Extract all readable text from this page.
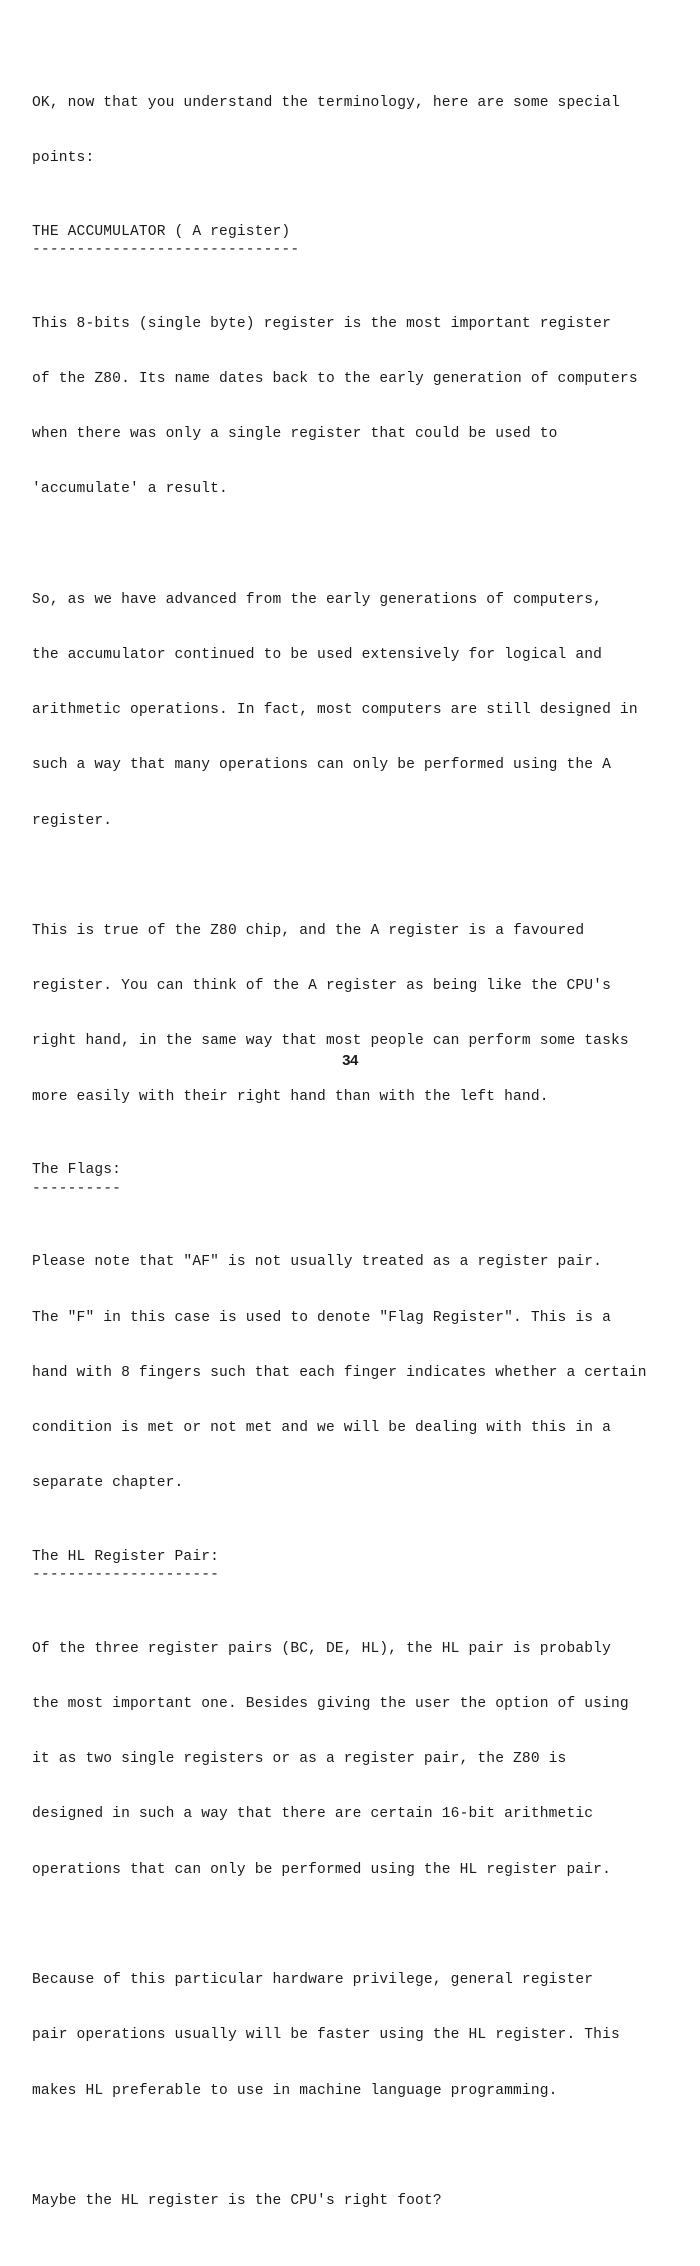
OK, now that you understand the terminology, here are some special

points:

THE ACCUMULATOR ( A register)

------------------------------

This 8-bits (single byte) register is the most important register

of the Z80. Its name dates back to the early generation of computers

when there was only a single register that could be used to

'accumulate' a result.

So, as we have advanced from the early generations of computers,

the accumulator continued to be used extensively for logical and

arithmetic operations. In fact, most computers are still designed in

such a way that many operations can only be performed using the A

register.

This is true of the Z80 chip, and the A register is a favoured

register. You can think of the A register as being like the CPU's

right hand, in the same way that most people can perform some tasks

more easily with their right hand than with the left hand.

The Flags:

----------

Please note that "AF" is not usually treated as a register pair.

The "F" in this case is used to denote "Flag Register". This is a

hand with 8 fingers such that each finger indicates whether a certain

condition is met or not met and we will be dealing with this in a

separate chapter.

The HL Register Pair:

---------------------

Of the three register pairs (BC, DE, HL), the HL pair is probably

the most important one. Besides giving the user the option of using

it as two single registers or as a register pair, the Z80 is

designed in such a way that there are certain 16-bit arithmetic

operations that can only be performed using the HL register pair.

Because of this particular hardware privilege, general register

pair operations usually will be faster using the HL register. This

makes HL preferable to use in machine language programming.

Maybe the HL register is the CPU's right foot?

34
